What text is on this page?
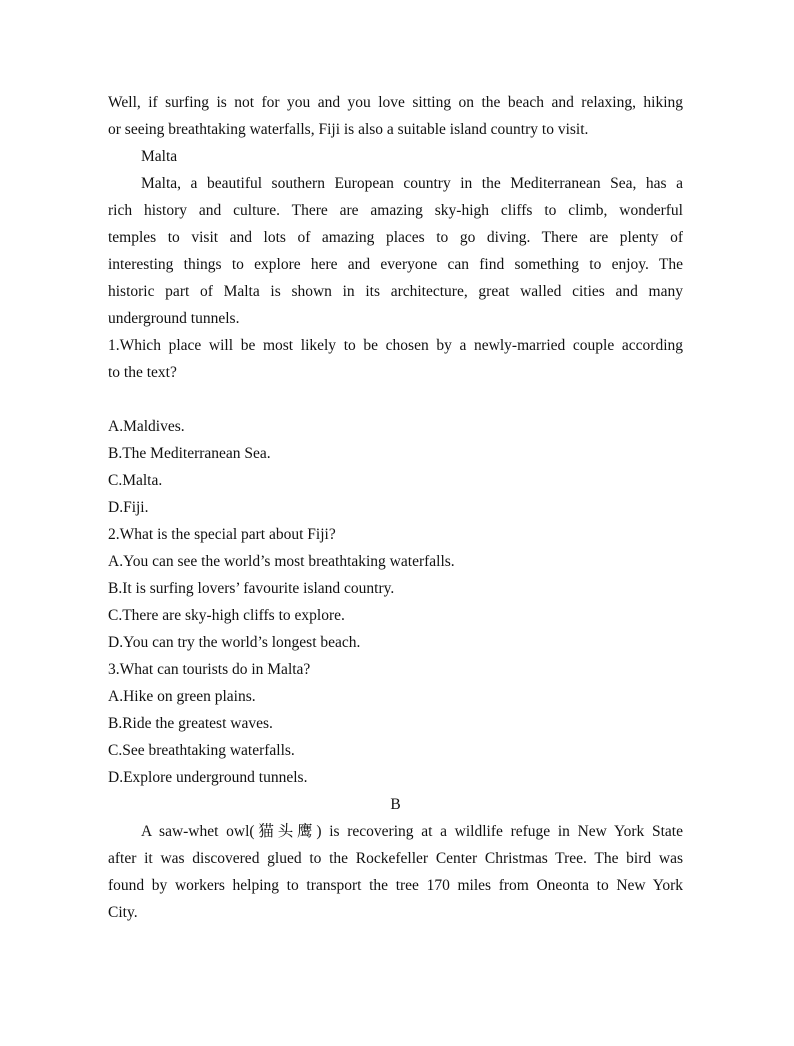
Well, if surfing is not for you and you love sitting on the beach and relaxing, hiking
or seeing breathtaking waterfalls, Fiji is also a suitable island country to visit.
Malta
Malta, a beautiful southern European country in the Mediterranean Sea, has a
rich history and culture. There are amazing sky-high cliffs to climb, wonderful
temples to visit and lots of amazing places to go diving. There are plenty of
interesting things to explore here and everyone can find something to enjoy. The
historic part of Malta is shown in its architecture, great walled cities and many
underground tunnels.
1.Which place will be most likely to be chosen by a newly-married couple according
to the text?
A.Maldives.
B.The Mediterranean Sea.
C.Malta.
D.Fiji.
2.What is the special part about Fiji?
A.You can see the world’s most breathtaking waterfalls.
B.It is surfing lovers’ favourite island country.
C.There are sky-high cliffs to explore.
D.You can try the world’s longest beach.
3.What can tourists do in Malta?
A.Hike on green plains.
B.Ride the greatest waves.
C.See breathtaking waterfalls.
D.Explore underground tunnels.
B
A saw-whet owl(猫头鹰) is recovering at a wildlife refuge in New York State
after it was discovered glued to the Rockefeller Center Christmas Tree. The bird was
found by workers helping to transport the tree 170 miles from Oneonta to New York
City.
